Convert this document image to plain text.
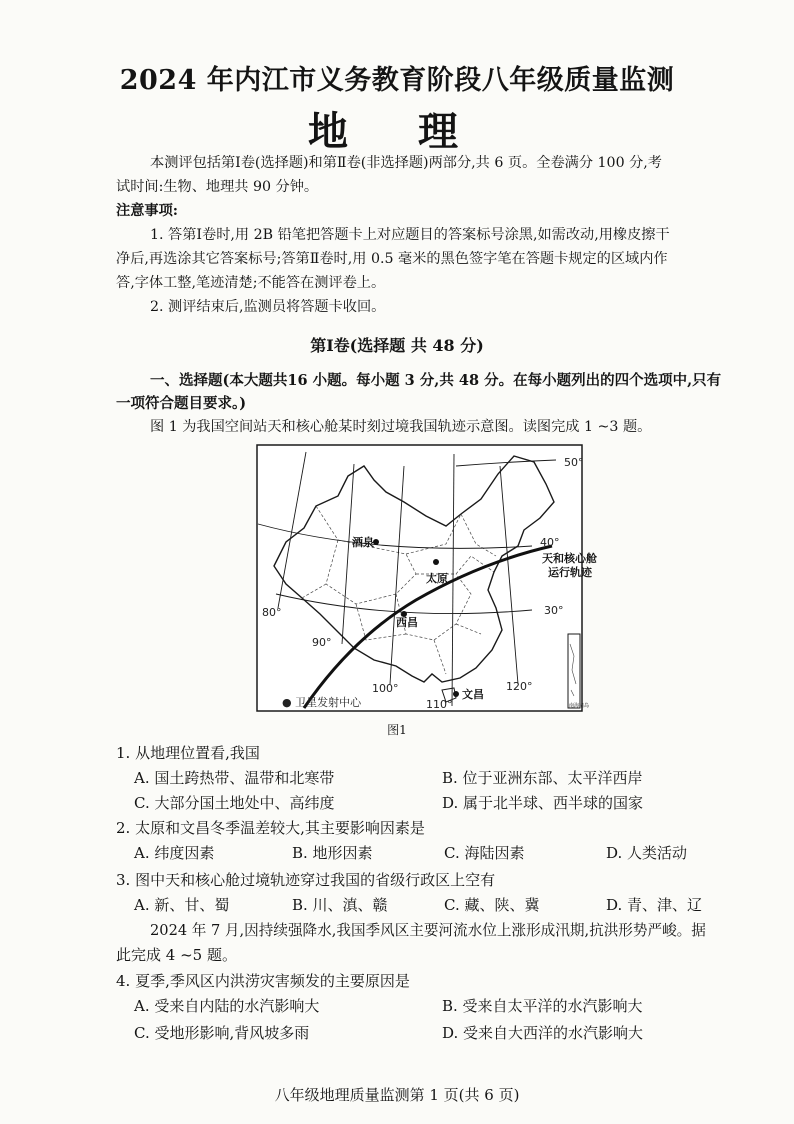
2024 年内江市义务教育阶段八年级质量监测
地 理
本测评包括第Ⅰ卷(选择题)和第Ⅱ卷(非选择题)两部分,共 6 页。全卷满分 100 分,考
试时间:生物、地理共 90 分钟。
注意事项:
1. 答第Ⅰ卷时,用 2B 铅笔把答题卡上对应题目的答案标号涂黑,如需改动,用橡皮擦干
净后,再选涂其它答案标号;答第Ⅱ卷时,用 0.5 毫米的黑色签字笔在答题卡规定的区域内作
答,字体工整,笔迹清楚;不能答在测评卷上。
2. 测评结束后,监测员将答题卡收回。
第Ⅰ卷(选择题 共 48 分)
一、选择题(本大题共16 小题。每小题 3 分,共 48 分。在每小题列出的四个选项中,只有
一项符合题目要求。)
图 1 为我国空间站天和核心舱某时刻过境我国轨迹示意图。读图完成 1 ~3 题。
酒泉
太原
西昌
文昌
50°
40°
30°
80°
90°
100°
110°
120°
天和核心舱
运行轨迹
● 卫星发射中心	南海诸岛
图1
1. 从地理位置看,我国
A. 国土跨热带、温带和北寒带	B. 位于亚洲东部、太平洋西岸
C. 大部分国土地处中、高纬度	D. 属于北半球、西半球的国家
2. 太原和文昌冬季温差较大,其主要影响因素是
A. 纬度因素	B. 地形因素	C. 海陆因素	D. 人类活动
3. 图中天和核心舱过境轨迹穿过我国的省级行政区上空有
A. 新、甘、蜀	B. 川、滇、赣	C. 藏、陕、冀	D. 青、津、辽
2024 年 7 月,因持续强降水,我国季风区主要河流水位上涨形成汛期,抗洪形势严峻。据
此完成 4 ~5 题。
4. 夏季,季风区内洪涝灾害频发的主要原因是
A. 受来自内陆的水汽影响大	B. 受来自太平洋的水汽影响大
C. 受地形影响,背风坡多雨	D. 受来自大西洋的水汽影响大
八年级地理质量监测第 1 页(共 6 页)
